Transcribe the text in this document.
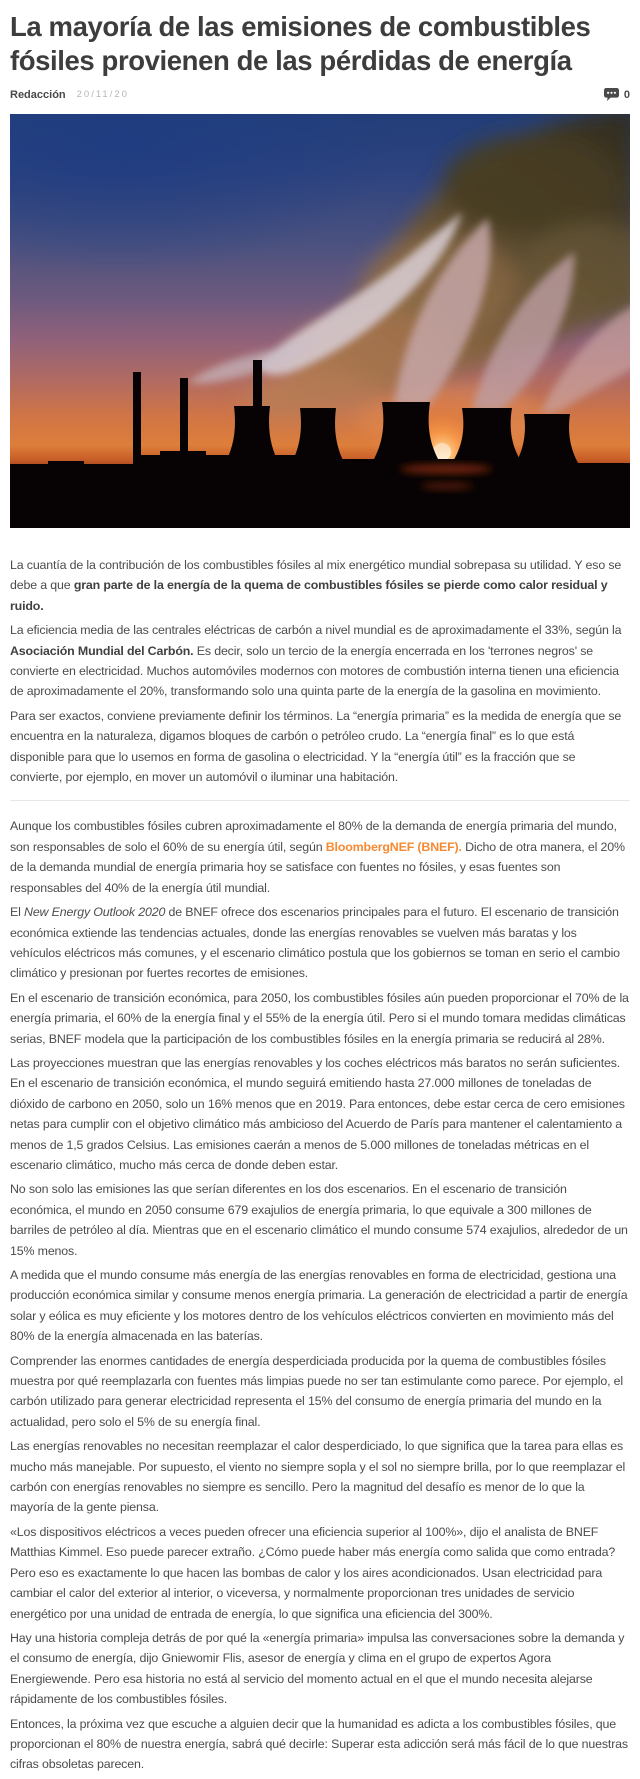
La mayoría de las emisiones de combustibles fósiles provienen de las pérdidas de energía
Redacción 20/11/20	0

La cuantía de la contribución de los combustibles fósiles al mix energético mundial sobrepasa su utilidad. Y eso se debe a que gran parte de la energía de la quema de combustibles fósiles se pierde como calor residual y ruido.

La eficiencia media de las centrales eléctricas de carbón a nivel mundial es de aproximadamente el 33%, según la Asociación Mundial del Carbón. Es decir, solo un tercio de la energía encerrada en los 'terrones negros' se convierte en electricidad. Muchos automóviles modernos con motores de combustión interna tienen una eficiencia de aproximadamente el 20%, transformando solo una quinta parte de la energía de la gasolina en movimiento.

Para ser exactos, conviene previamente definir los términos. La “energía primaria” es la medida de energía que se encuentra en la naturaleza, digamos bloques de carbón o petróleo crudo. La “energía final” es lo que está disponible para que lo usemos en forma de gasolina o electricidad. Y la “energía útil” es la fracción que se convierte, por ejemplo, en mover un automóvil o iluminar una habitación.

Aunque los combustibles fósiles cubren aproximadamente el 80% de la demanda de energía primaria del mundo, son responsables de solo el 60% de su energía útil, según BloombergNEF (BNEF). Dicho de otra manera, el 20% de la demanda mundial de energía primaria hoy se satisface con fuentes no fósiles, y esas fuentes son responsables del 40% de la energía útil mundial.

El New Energy Outlook 2020 de BNEF ofrece dos escenarios principales para el futuro. El escenario de transición económica extiende las tendencias actuales, donde las energías renovables se vuelven más baratas y los vehículos eléctricos más comunes, y el escenario climático postula que los gobiernos se toman en serio el cambio climático y presionan por fuertes recortes de emisiones.

En el escenario de transición económica, para 2050, los combustibles fósiles aún pueden proporcionar el 70% de la energía primaria, el 60% de la energía final y el 55% de la energía útil. Pero si el mundo tomara medidas climáticas serias, BNEF modela que la participación de los combustibles fósiles en la energía primaria se reducirá al 28%.

Las proyecciones muestran que las energías renovables y los coches eléctricos más baratos no serán suficientes. En el escenario de transición económica, el mundo seguirá emitiendo hasta 27.000 millones de toneladas de dióxido de carbono en 2050, solo un 16% menos que en 2019. Para entonces, debe estar cerca de cero emisiones netas para cumplir con el objetivo climático más ambicioso del Acuerdo de París para mantener el calentamiento a menos de 1,5 grados Celsius. Las emisiones caerán a menos de 5.000 millones de toneladas métricas en el escenario climático, mucho más cerca de donde deben estar.

No son solo las emisiones las que serían diferentes en los dos escenarios. En el escenario de transición económica, el mundo en 2050 consume 679 exajulios de energía primaria, lo que equivale a 300 millones de barriles de petróleo al día. Mientras que en el escenario climático el mundo consume 574 exajulios, alrededor de un 15% menos.

A medida que el mundo consume más energía de las energías renovables en forma de electricidad, gestiona una producción económica similar y consume menos energía primaria. La generación de electricidad a partir de energía solar y eólica es muy eficiente y los motores dentro de los vehículos eléctricos convierten en movimiento más del 80% de la energía almacenada en las baterías.

Comprender las enormes cantidades de energía desperdiciada producida por la quema de combustibles fósiles muestra por qué reemplazarla con fuentes más limpias puede no ser tan estimulante como parece. Por ejemplo, el carbón utilizado para generar electricidad representa el 15% del consumo de energía primaria del mundo en la actualidad, pero solo el 5% de su energía final.

Las energías renovables no necesitan reemplazar el calor desperdiciado, lo que significa que la tarea para ellas es mucho más manejable. Por supuesto, el viento no siempre sopla y el sol no siempre brilla, por lo que reemplazar el carbón con energías renovables no siempre es sencillo. Pero la magnitud del desafío es menor de lo que la mayoría de la gente piensa.

«Los dispositivos eléctricos a veces pueden ofrecer una eficiencia superior al 100%», dijo el analista de BNEF Matthias Kimmel. Eso puede parecer extraño. ¿Cómo puede haber más energía como salida que como entrada? Pero eso es exactamente lo que hacen las bombas de calor y los aires acondicionados. Usan electricidad para cambiar el calor del exterior al interior, o viceversa, y normalmente proporcionan tres unidades de servicio energético por una unidad de entrada de energía, lo que significa una eficiencia del 300%.

Hay una historia compleja detrás de por qué la «energía primaria» impulsa las conversaciones sobre la demanda y el consumo de energía, dijo Gniewomir Flis, asesor de energía y clima en el grupo de expertos Agora Energiewende. Pero esa historia no está al servicio del momento actual en el que el mundo necesita alejarse rápidamente de los combustibles fósiles.

Entonces, la próxima vez que escuche a alguien decir que la humanidad es adicta a los combustibles fósiles, que proporcionan el 80% de nuestra energía, sabrá qué decirle: Superar esta adicción será más fácil de lo que nuestras cifras obsoletas parecen.
